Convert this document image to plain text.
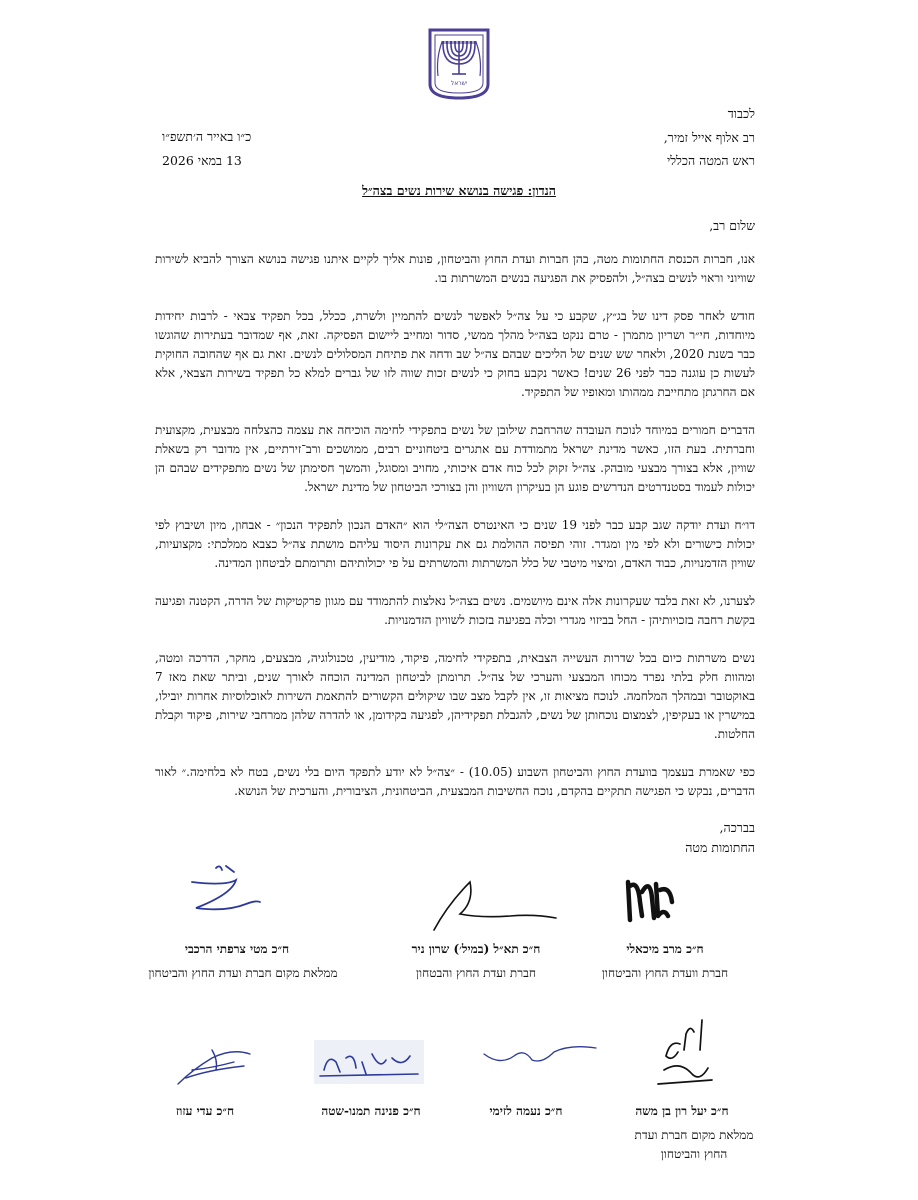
ישראל
לכבוד
רב אלוף אייל זמיר,
ראש המטה הכללי
כ״ו באייר ה׳תשפ״ו
13 במאי 2026
הנדון: פגישה בנושא שירות נשים בצה״ל
שלום רב,

אנו, חברות הכנסת החתומות מטה, בהן חברות ועדת החוץ והביטחון, פונות אליך לקיים איתנו פגישה בנושא הצורך להביא לשירות שוויוני וראוי לנשים בצה״ל, ולהפסיק את הפגיעה בנשים המשרתות בו.

חודש לאחר פסק דינו של בג״ץ, שקבע כי על צה״ל לאפשר לנשים להתמיין ולשרת, ככלל, בכל תפקיד צבאי - לרבות יחידות מיוחדות, חי״ר ושריון מתמרן - טרם ננקט בצה״ל מהלך ממשי, סדור ומחייב ליישום הפסיקה. זאת, אף שמדובר בעתירות שהוגשו כבר בשנת 2020, ולאחר שש שנים של הליכים שבהם צה״ל שב ודחה את פתיחת המסלולים לנשים. זאת גם אף שהחובה החוקית לעשות כן עוגנה כבר לפני 26 שנים! כאשר נקבע בחוק כי לנשים זכות שווה לזו של גברים למלא כל תפקיד בשירות הצבאי, אלא אם החרגתן מתחייבת ממהותו ומאופיו של התפקיד.

הדברים חמורים במיוחד לנוכח העובדה שהרחבת שילובן של נשים בתפקידי לחימה הוכיחה את עצמה כהצלחה מבצעית, מקצועית וחברתית. בעת הזו, כאשר מדינת ישראל מתמודדת עם אתגרים ביטחוניים רבים, ממושכים ורב־זירתיים, אין מדובר רק בשאלת שוויון, אלא בצורך מבצעי מובהק. צה״ל זקוק לכל כוח אדם איכותי, מחויב ומסוגל, והמשך חסימתן של נשים מתפקידים שבהם הן יכולות לעמוד בסטנדרטים הנדרשים פוגע הן בעיקרון השוויון והן בצורכי הביטחון של מדינת ישראל.

דו״ח ועדת יודקה שגב קבע כבר לפני 19 שנים כי האינטרס הצה״לי הוא ״האדם הנכון לתפקיד הנכון״ - אבחון, מיון ושיבוץ לפי יכולות כישורים ולא לפי מין ומגדר. זוהי תפיסה ההולמת גם את עקרונות היסוד עליהם מושתת צה״ל כצבא ממלכתי: מקצועיות, שוויון הזדמנויות, כבוד האדם, ומיצוי מיטבי של כלל המשרתות והמשרתים על פי יכולותיהם ותרומתם לביטחון המדינה.

לצערנו, לא זאת בלבד שעקרונות אלה אינם מיושמים. נשים בצה״ל נאלצות להתמודד עם מגוון פרקטיקות של הדרה, הקטנה ופגיעה בקשת רחבה בזכויותיהן - החל בביזוי מגדרי וכלה בפגיעה בזכות לשוויון הזדמנויות.

נשים משרתות כיום בכל שדרות העשייה הצבאית, בתפקידי לחימה, פיקוד, מודיעין, טכנולוגיה, מבצעים, מחקר, הדרכה ומטה, ומהוות חלק בלתי נפרד מכוחו המבצעי והערכי של צה״ל. תרומתן לביטחון המדינה הוכחה לאורך שנים, וביתר שאת מאז 7 באוקטובר ובמהלך המלחמה. לנוכח מציאות זו, אין לקבל מצב שבו שיקולים הקשורים להתאמת השירות לאוכלוסיות אחרות יובילו, במישרין או בעקיפין, לצמצום נוכחותן של נשים, להגבלת תפקידיהן, לפגיעה בקידומן, או להדרה שלהן ממרחבי שירות, פיקוד וקבלת החלטות.

כפי שאמרת בעצמך בוועדת החוץ והביטחון השבוע (10.05) - ״צה״ל לא יודע לתפקד היום בלי נשים, בטח לא בלחימה.״ לאור הדברים, נבקש כי הפגישה תתקיים בהקדם, נוכח החשיבות המבצעית, הביטחונית, הציבורית, והערכית של הנושא.

בברכה,
החתומות מטה
ח״כ מרב מיכאלי
חברת וועדת החוץ והביטחון
ח״כ תא״ל (במיל׳) שרון ניר
חברת ועדת החוץ והבטחון
ח״כ מטי צרפתי הרכבי
ממלאת מקום חברת ועדת החוץ והביטחון
ח״כ יעל רון בן משה
ממלאת מקום חברת ועדת החוץ והביטחון
ח״כ נעמה לזימי
ח״כ פנינה תמנו-שטה
ח״כ עדי עזוז
